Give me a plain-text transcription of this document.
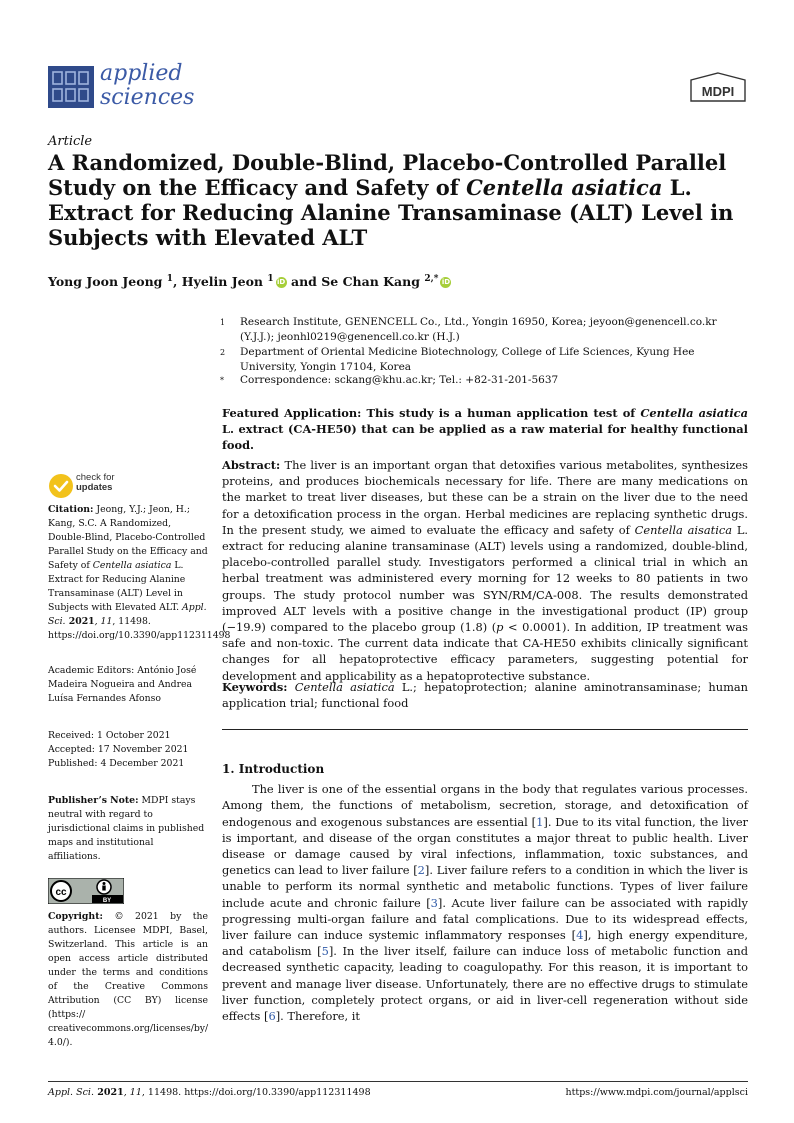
applied
sciences	MDPI
Article
A Randomized, Double-Blind, Placebo-Controlled Parallel Study on the Efficacy and Safety of Centella asiatica L. Extract for Reducing Alanine Transaminase (ALT) Level in Subjects with Elevated ALT
Yong Joon Jeong $^1$, Hyelin Jeon $^1$ iD and Se Chan Kang $^{2,*}$ iD
1 Research Institute, GENENCELL Co., Ltd., Yongin 16950, Korea; jeyoon@genencell.co.kr (Y.J.J.); jeonhl0219@genencell.co.kr (H.J.)
2 Department of Oriental Medicine Biotechnology, College of Life Sciences, Kyung Hee University, Yongin 17104, Korea
* Correspondence: sckang@khu.ac.kr; Tel.: +82-31-201-5637
Featured Application: This study is a human application test of Centella asiatica L. extract (CA-HE50) that can be applied as a raw material for healthy functional food.
Abstract: The liver is an important organ that detoxifies various metabolites, synthesizes proteins, and produces biochemicals necessary for life. There are many medications on the market to treat liver diseases, but these can be a strain on the liver due to the need for a detoxification process in the organ. Herbal medicines are replacing synthetic drugs. In the present study, we aimed to evaluate the efficacy and safety of Centella aisatica L. extract for reducing alanine transaminase (ALT) levels using a randomized, double-blind, placebo-controlled parallel study. Investigators performed a clinical trial in which an herbal treatment was administered every morning for 12 weeks to 80 patients in two groups. The study protocol number was SYN/RM/CA-008. The results demonstrated improved ALT levels with a positive change in the investigational product (IP) group (−19.9) compared to the placebo group (1.8) (p < 0.0001). In addition, IP treatment was safe and non-toxic. The current data indicate that CA-HE50 exhibits clinically significant changes for all hepatoprotective efficacy parameters, suggesting potential for development and applicability as a hepatoprotective substance.
Keywords: Centella asiatica L.; hepatoprotection; alanine aminotransaminase; human application trial; functional food
1. Introduction
The liver is one of the essential organs in the body that regulates various processes. Among them, the functions of metabolism, secretion, storage, and detoxification of endogenous and exogenous substances are essential [1]. Due to its vital function, the liver is important, and disease of the organ constitutes a major threat to public health. Liver disease or damage caused by viral infections, inflammation, toxic substances, and genetics can lead to liver failure [2]. Liver failure refers to a condition in which the liver is unable to perform its normal synthetic and metabolic functions. Types of liver failure include acute and chronic failure [3]. Acute liver failure can be associated with rapidly progressing multi-organ failure and fatal complications. Due to its widespread effects, liver failure can induce systemic inflammatory responses [4], high energy expenditure, and catabolism [5]. In the liver itself, failure can induce loss of metabolic function and decreased synthetic capacity, leading to coagulopathy. For this reason, it is important to prevent and manage liver disease. Unfortunately, there are no effective drugs to stimulate liver function, completely protect organs, or aid in liver-cell regeneration without side effects [6]. Therefore, it
check for
updates
Citation: Jeong, Y.J.; Jeon, H.; Kang, S.C. A Randomized, Double-Blind, Placebo-Controlled Parallel Study on the Efficacy and Safety of Centella asiatica L. Extract for Reducing Alanine Transaminase (ALT) Level in Subjects with Elevated ALT. Appl. Sci. 2021, 11, 11498. https://doi.org/10.3390/app112311498
Academic Editors: António José Madeira Nogueira and Andrea Luísa Fernandes Afonso
Received: 1 October 2021
Accepted: 17 November 2021
Published: 4 December 2021
Publisher’s Note: MDPI stays neutral with regard to jurisdictional claims in published maps and institutional affiliations.
cc
BY
Copyright: © 2021 by the authors. Licensee MDPI, Basel, Switzerland. This article is an open access article distributed under the terms and conditions of the Creative Commons Attribution (CC BY) license (https:// creativecommons.org/licenses/by/ 4.0/).
Appl. Sci. 2021, 11, 11498. https://doi.org/10.3390/app112311498	https://www.mdpi.com/journal/applsci
